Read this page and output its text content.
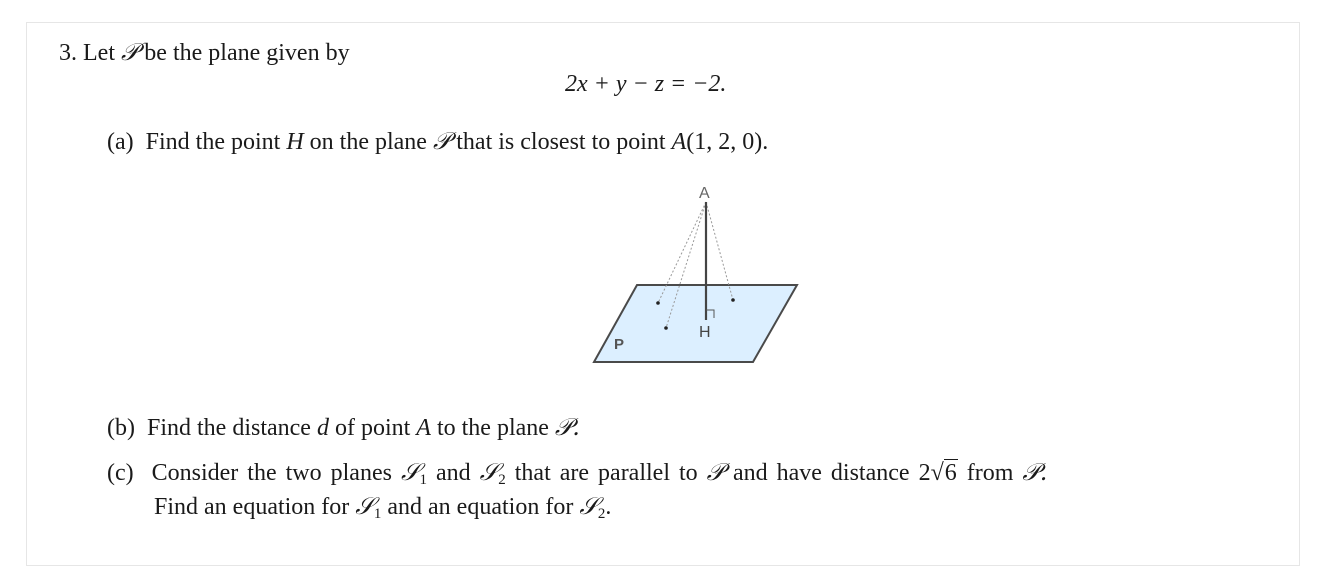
3. Let 𝒫 be the plane given by
2x + y − z = −2.
(a) Find the point H on the plane 𝒫 that is closest to point A(1, 2, 0).
A
H
P
(b) Find the distance d of point A to the plane 𝒫.
(c) Consider the two planes 𝒮$_1$ and 𝒮$_2$ that are parallel to 𝒫 and have distance 2√6 from 𝒫.
Find an equation for 𝒮$_1$ and an equation for 𝒮$_2$.
